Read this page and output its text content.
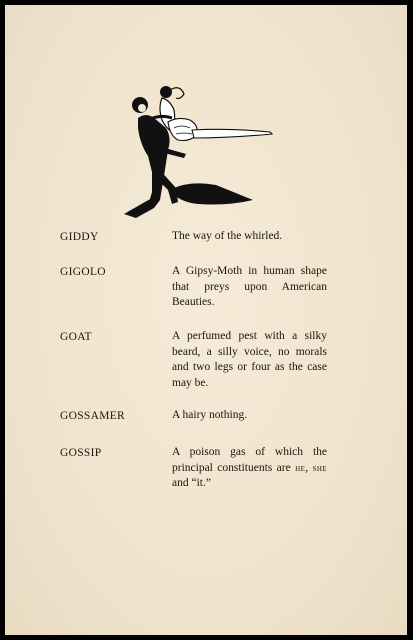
GIDDY	The way of the whirled.
GIGOLO	A Gipsy-Moth in human shape that preys upon American Beauties.
GOAT	A perfumed pest with a silky beard, a silly voice, no morals and two legs or four as the case may be.
GOSSAMER	A hairy nothing.
GOSSIP	A poison gas of which the principal constituents are he, she and “it.”
